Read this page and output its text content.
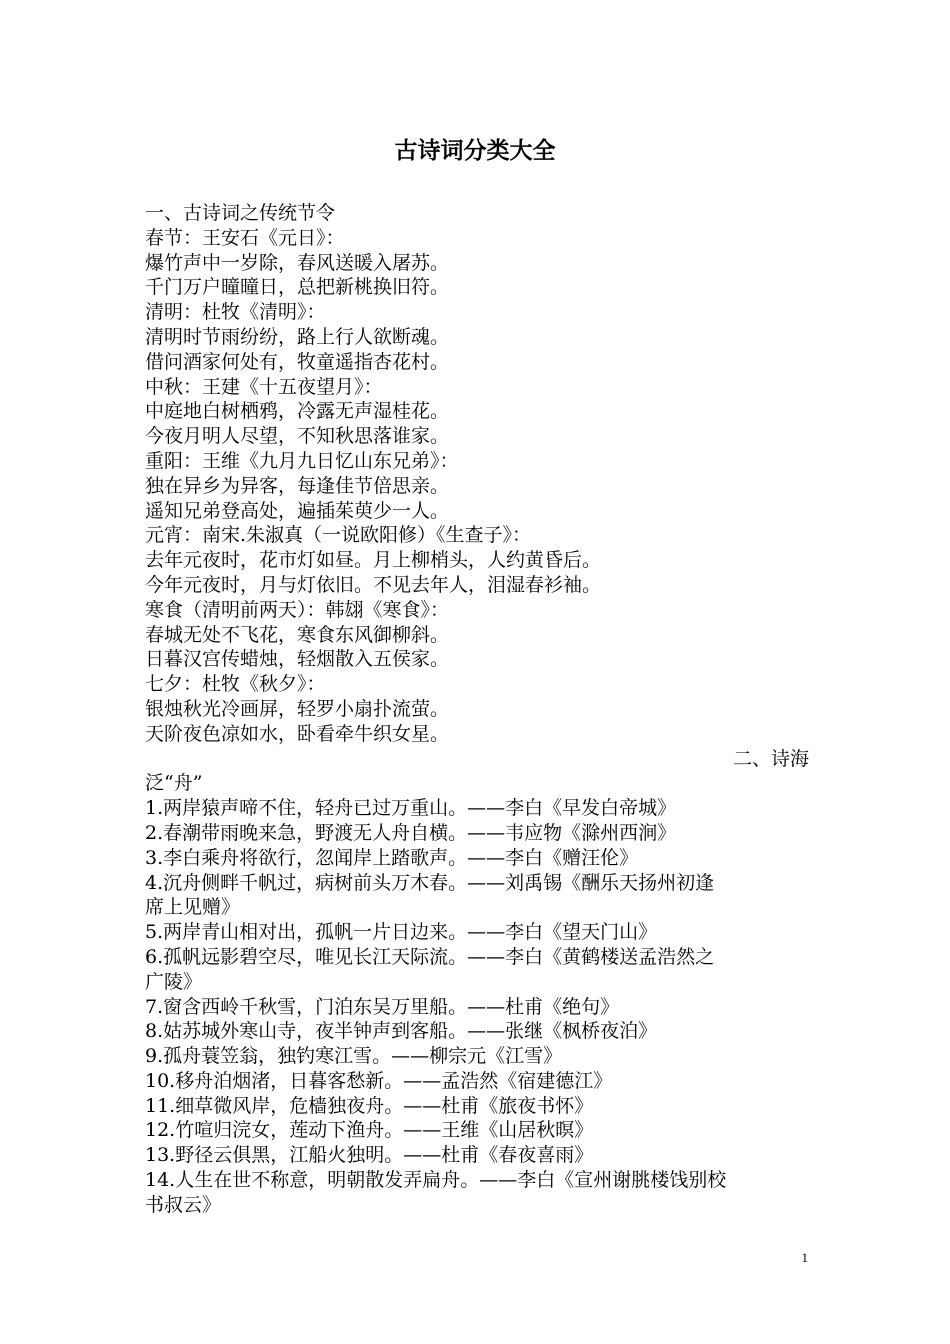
古诗词分类大全
一、古诗词之传统节令
春节：王安石《元日》：
爆竹声中一岁除，春风送暖入屠苏。
千门万户曈曈日，总把新桃换旧符。
清明：杜牧《清明》：
清明时节雨纷纷，路上行人欲断魂。
借问酒家何处有，牧童遥指杏花村。
中秋：王建《十五夜望月》：
中庭地白树栖鸦，冷露无声湿桂花。
今夜月明人尽望，不知秋思落谁家。
重阳：王维《九月九日忆山东兄弟》：
独在异乡为异客，每逢佳节倍思亲。
遥知兄弟登高处，遍插茱萸少一人。
元宵：南宋.朱淑真（一说欧阳修）《生查子》：
去年元夜时，花市灯如昼。月上柳梢头，人约黄昏后。
今年元夜时，月与灯依旧。不见去年人，泪湿春衫袖。
寒食（清明前两天）：韩翃《寒食》：
春城无处不飞花，寒食东风御柳斜。
日暮汉宫传蜡烛，轻烟散入五侯家。
七夕：杜牧《秋夕》：
银烛秋光冷画屏，轻罗小扇扑流萤。
天阶夜色凉如水，卧看牵牛织女星。
二、诗海
泛“舟”
1.两岸猿声啼不住，轻舟已过万重山。——李白《早发白帝城》
2.春潮带雨晚来急，野渡无人舟自横。——韦应物《滁州西涧》
3.李白乘舟将欲行，忽闻岸上踏歌声。——李白《赠汪伦》
4.沉舟侧畔千帆过，病树前头万木春。——刘禹锡《酬乐天扬州初逢
席上见赠》
5.两岸青山相对出，孤帆一片日边来。——李白《望天门山》
6.孤帆远影碧空尽，唯见长江天际流。——李白《黄鹤楼送孟浩然之
广陵》
7.窗含西岭千秋雪，门泊东吴万里船。——杜甫《绝句》
8.姑苏城外寒山寺，夜半钟声到客船。——张继《枫桥夜泊》
9.孤舟蓑笠翁，独钓寒江雪。——柳宗元《江雪》
10.移舟泊烟渚，日暮客愁新。——孟浩然《宿建德江》
11.细草微风岸，危樯独夜舟。——杜甫《旅夜书怀》
12.竹喧归浣女，莲动下渔舟。——王维《山居秋暝》
13.野径云俱黑，江船火独明。——杜甫《春夜喜雨》
14.人生在世不称意，明朝散发弄扁舟。——李白《宣州谢朓楼饯别校
书叔云》
1
